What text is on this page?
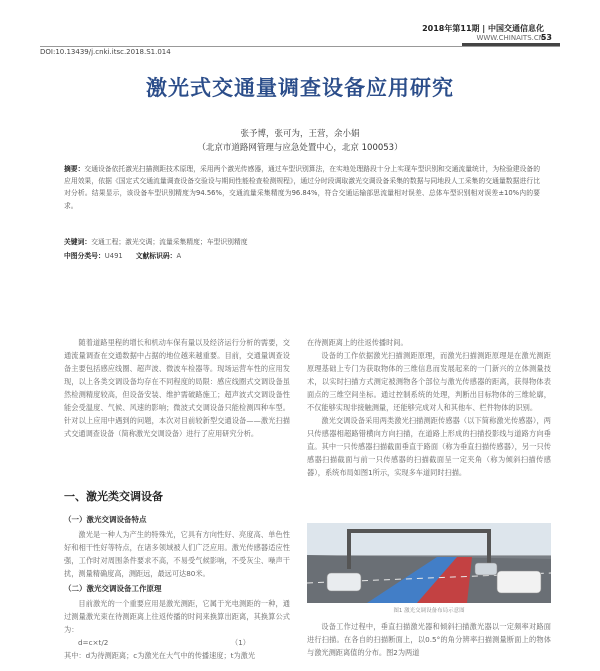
2018年第11期 | 中国交通信息化
WWW.CHINAITS.CN
53
DOI:10.13439/j.cnki.itsc.2018.S1.014
激光式交通量调查设备应用研究
张予博，张可为，王营，余小娟
（北京市道路网管理与应急处置中心，北京 100053）
摘要：交通设备依托激光扫描测距技术原理，采用两个激光传感器，通过车型识别算法，在实地处理路段十分上实现车型识别和交通流量统计，为检验建设备的应用效果，依据《国定式交通流量调查设备交验设与期间性能检查检测规程》，通过分时段调取激光交调设备采集的数据与同地段人工采集的交通量数据进行比对分析。结果显示，该设备车型识别精度为94.56%，交通流量采集精度为96.84%，符合交通运输部思流量相对误差、总体车型识别相对误差±10%内的要求。
关键词：交通工程；激光交调；流量采集精度；车型识别精度
中图分类号：U491 文献标识码：A

随着道路里程的增长和机动车保有量以及经济运行分析的需要，交通流量调查在交通数据中占据的地位越来越重要。目前，交通量调查设备主要包括感应线圈、超声波、微波车检器等。现场运营车性的应用发现，以上各类交调设备均存在不同程度的局限：感应线圈式交调设备虽然检测精度较高，但设备安装、维护需破路施工；超声波式交调设备性能会受温度、气候、风速的影响；微波式交调设备只能检测四种车型。针对以上应用中遇到的问题，本次对目前较新型交通设备——激光扫描式交通调查设备（简称激光交调设备）进行了应用研究分析。

一、激光类交调设备
（一）激光交调设备特点

激光是一种人为产生的特殊光，它具有方向性好、亮度高、单色性好和相干性好等特点，在诸多领域被人们广泛应用。激光传感器适应性强，工作时对周围条件要求不高，不易受气候影响，不受灰尘、噪声干扰，测量精确度高，测距远，最远可达80米。

（二）激光交调设备工作原理

目前激光的一个重要应用是激光测距，它属于光电测距的一种，通过测量激光束在待测距离上往返传播的时间来换算出距离，其换算公式为：

d=c×t/2	（1）
其中：d为待测距离；c为激光在大气中的传播速度；t为激光
在待测距离上的往返传播时间。

设备的工作依据激光扫描测距原理，而激光扫描测距原理是在激光测距原理基础上专门为获取物体的三维信息而发展起来的一门新兴的立体测量技术，以实时扫描方式测定被测物各个部位与激光传感器的距离，获得物体表面点的三维空间坐标。通过控制系统的处理，判断出目标物体的三维轮廓，不仅能够实现非接触测量，还能够完成对人和其他车、栏件物体的识别。

激光交调设备采用两类激光扫描测距传感器（以下简称激光传感器），两只传感器相超路错横向方向扫描，在道路上形成的扫描投影线与道路方向垂直。其中一只传感器扫描截面垂直于路面（称为垂直扫描传感器），另一只传感器扫描截面与前一只传感器的扫描截面呈一定夹角（称为倾斜扫描传感器），系统布局如图1所示，实现多车道同时扫描。

图1 激光交调设备布局示意图

设备工作过程中，垂直扫描激光器和倾斜扫描激光器以一定频率对路面进行扫描。在各自的扫描断面上，以0.5°的角分辨率扫描测量断面上的物体与激光测距离值的分布。图2为两道
